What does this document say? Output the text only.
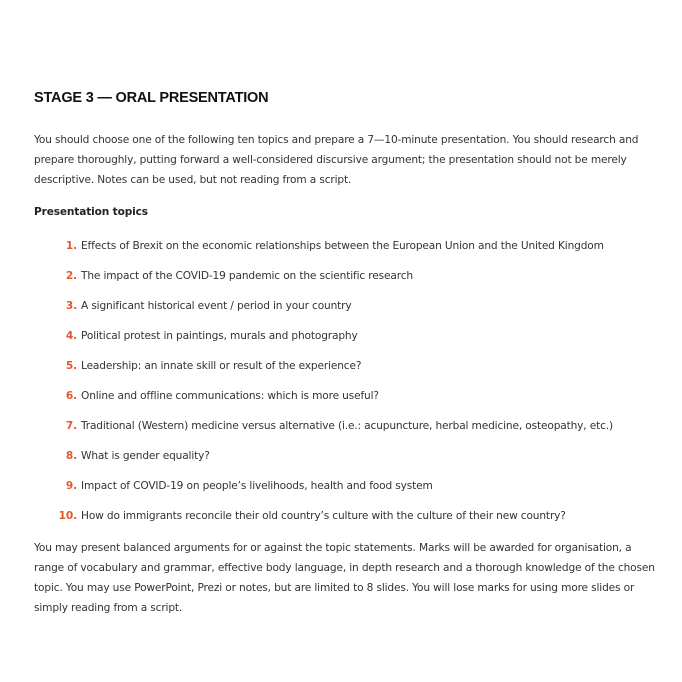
STAGE 3 — ORAL PRESENTATION

You should choose one of the following ten topics and prepare a 7—10-minute presentation. You should research and prepare thoroughly, putting forward a well-considered discursive argument; the presentation should not be merely descriptive. Notes can be used, but not reading from a script.

Presentation topics

1. Effects of Brexit on the economic relationships between the European Union and the United Kingdom
2. The impact of the COVID-19 pandemic on the scientific research
3. A significant historical event / period in your country
4. Political protest in paintings, murals and photography
5. Leadership: an innate skill or result of the experience?
6. Online and offline communications: which is more useful?
7. Traditional (Western) medicine versus alternative (i.e.: acupuncture, herbal medicine, osteopathy, etc.)
8. What is gender equality?
9. Impact of COVID-19 on people’s livelihoods, health and food system
10. How do immigrants reconcile their old country’s culture with the culture of their new country?

You may present balanced arguments for or against the topic statements. Marks will be awarded for organisation, a range of vocabulary and grammar, effective body language, in depth research and a thorough knowledge of the chosen topic. You may use PowerPoint, Prezi or notes, but are limited to 8 slides. You will lose marks for using more slides or simply reading from a script.
